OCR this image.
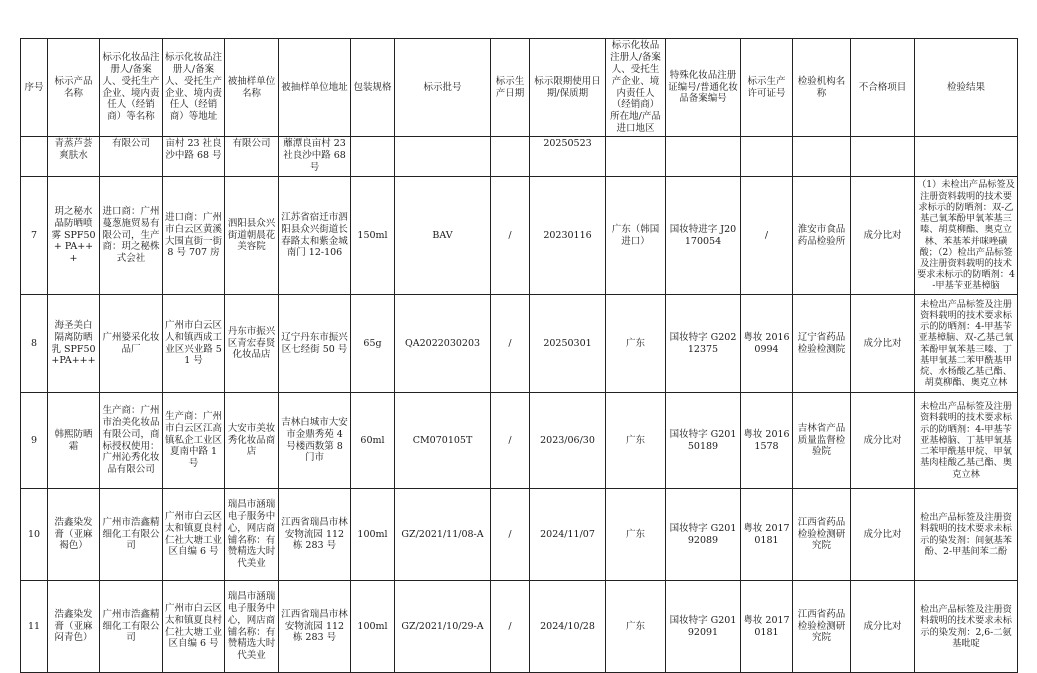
序号	标示产品名称	标示化妆品注册人/备案人、受托生产企业、境内责任人（经销商）等名称	标示化妆品注册人/备案人、受托生产企业、境内责任人（经销商）等地址	被抽样单位名称	被抽样单位地址	包装规格	标示批号	标示生产日期	标示限期使用日期/保质期	标示化妆品注册人/备案人、受托生产企业、境内责任人（经销商）所在地/产品进口地区	特殊化妆品注册证编号/普通化妆品备案编号	标示生产许可证号	检验机构名称	不合格项目	检验结果
	青蒸芦荟爽肤水	有限公司	亩村 23 社良沙中路 68 号	有限公司	蘼潭良亩村 23 社良沙中路 68 号				20250523						
7	玥之秘水晶防晒喷雾 SPF50+ PA+++	进口商：广州蔓葱施贸易有限公司，生产商：玥之秘株式会社	进口商：广州市白云区黄溪大围直街一街 8 号 707 房	泗阳县众兴街道朝晨花美容院	江苏省宿迁市泗阳县众兴街道长春路太和紫金城南门 12-106	150ml	BAV	/	20230116	广东（韩国进口）	国妆特进字 J20170054	/	淮安市食品药品检验所	成分比对	（1）未检出产品标签及注册资料载明的技术要求标示的防晒剂：双-乙基己氧苯酚甲氧苯基三嗪、胡莫柳酯、奥克立林、苯基苯并咪唑磺酸；（2）检出产品标签及注册资料载明的技术要求未标示的防晒剂：4-甲基苄亚基樟脑
8	海圣美白隔离防晒乳 SPF50+PA+++	广州婆采化妆品厂	广州市白云区人和镇西成工业区兴业路 51 号	丹东市振兴区青宏春贤化妆品店	辽宁丹东市振兴区七经街 50 号	65g	QA2022030203	/	20250301	广东	国妆特字 G20212375	粤妆 20160994	辽宁省药品检验检测院	成分比对	未检出产品标签及注册资料载明的技术要求标示的防晒剂：4-甲基苄亚基樟脑、双-乙基己氧苯酚甲氧苯基三嗪、丁基甲氧基二苯甲酰基甲烷、水杨酸乙基己酯、胡莫柳酯、奥克立林
9	韩熙防晒霜	生产商：广州市治美化妆品有限公司，商标授权使用：广州沁秀化妆品有限公司	生产商：广州市白云区江高镇私企工业区夏南中路 1 号	大安市美妆秀化妆品商店	吉林白城市大安市金鼎秀苑 4 号楼西数第 8 门市	60ml	CM070105T	/	2023/06/30	广东	国妆特字 G20150189	粤妆 20161578	吉林省产品质量监督检验院	成分比对	未检出产品标签及注册资料载明的技术要求标示的防晒剂：4-甲基苄亚基樟脑、丁基甲氧基二苯甲酰基甲烷、甲氧基肉桂酸乙基己酯、奥克立林
10	浩鑫染发膏（亚麻褐色）	广州市浩鑫精细化工有限公司	广州市白云区太和镇夏良村仁社大塘工业区自编 6 号	瑞昌市涵瑞电子服务中心，网店商铺名称：有赞精选大时代美业	江西省瑞昌市林安物流园 112 栋 283 号	100ml	GZ/2021/11/08-A	/	2024/11/07	广东	国妆特字 G20192089	粤妆 20170181	江西省药品检验检测研究院	成分比对	检出产品标签及注册资料载明的技术要求未标示的染发剂：间氨基苯酚、2-甲基间苯二酚
11	浩鑫染发膏（亚麻闷青色）	广州市浩鑫精细化工有限公司	广州市白云区太和镇夏良村仁社大塘工业区自编 6 号	瑞昌市涵瑞电子服务中心，网店商铺名称：有赞精选大时代美业	江西省瑞昌市林安物流园 112 栋 283 号	100ml	GZ/2021/10/29-A	/	2024/10/28	广东	国妆特字 G20192091	粤妆 20170181	江西省药品检验检测研究院	成分比对	检出产品标签及注册资料载明的技术要求未标示的染发剂：2,6-二氨基吡啶
